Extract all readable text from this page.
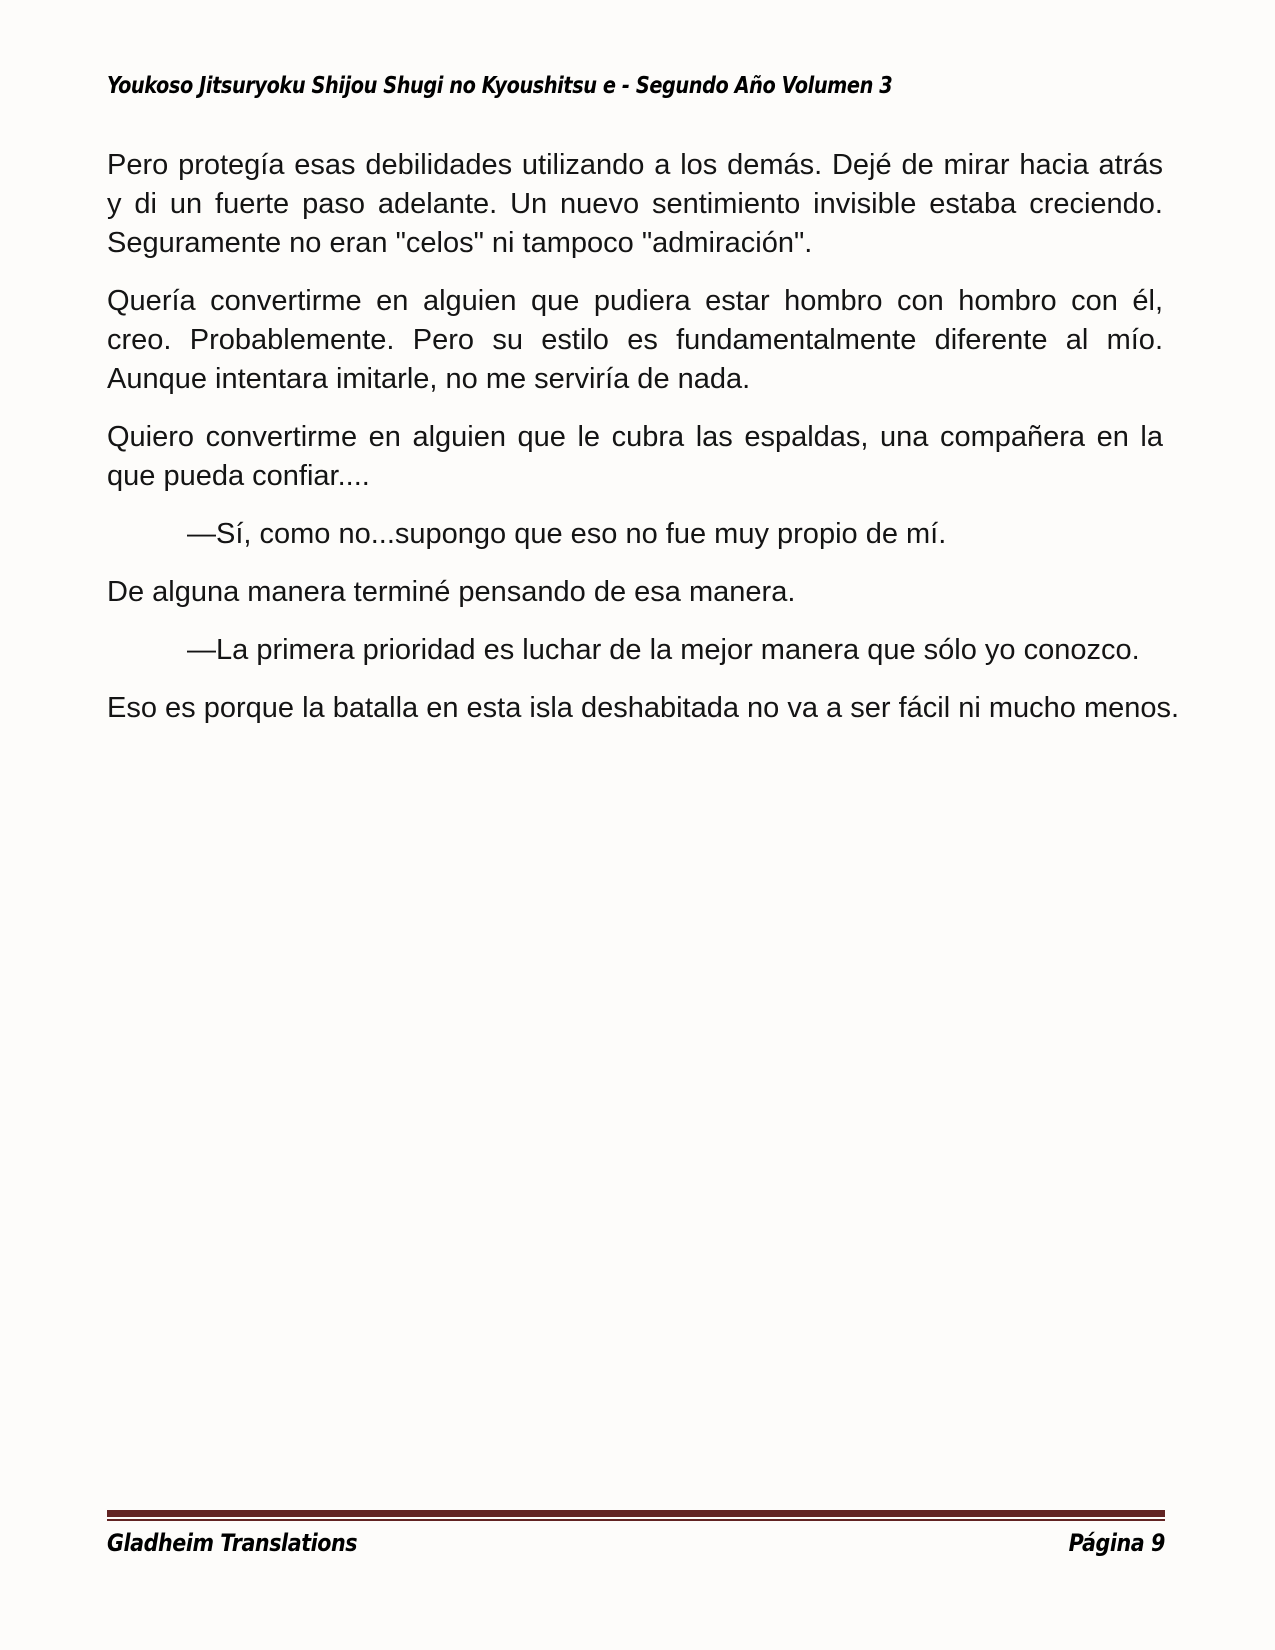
Youkoso Jitsuryoku Shijou Shugi no Kyoushitsu e - Segundo Año Volumen 3

Pero protegía esas debilidades utilizando a los demás. Dejé de mirar hacia atrás y di un fuerte paso adelante. Un nuevo sentimiento invisible estaba creciendo. Seguramente no eran "celos" ni tampoco "admiración".

Quería convertirme en alguien que pudiera estar hombro con hombro con él, creo. Probablemente. Pero su estilo es fundamentalmente diferente al mío. Aunque intentara imitarle, no me serviría de nada.

Quiero convertirme en alguien que le cubra las espaldas, una compañera en la que pueda confiar....

—Sí, como no...supongo que eso no fue muy propio de mí.

De alguna manera terminé pensando de esa manera.

—La primera prioridad es luchar de la mejor manera que sólo yo conozco.

Eso es porque la batalla en esta isla deshabitada no va a ser fácil ni mucho menos.

Gladheim Translations	Página 9
